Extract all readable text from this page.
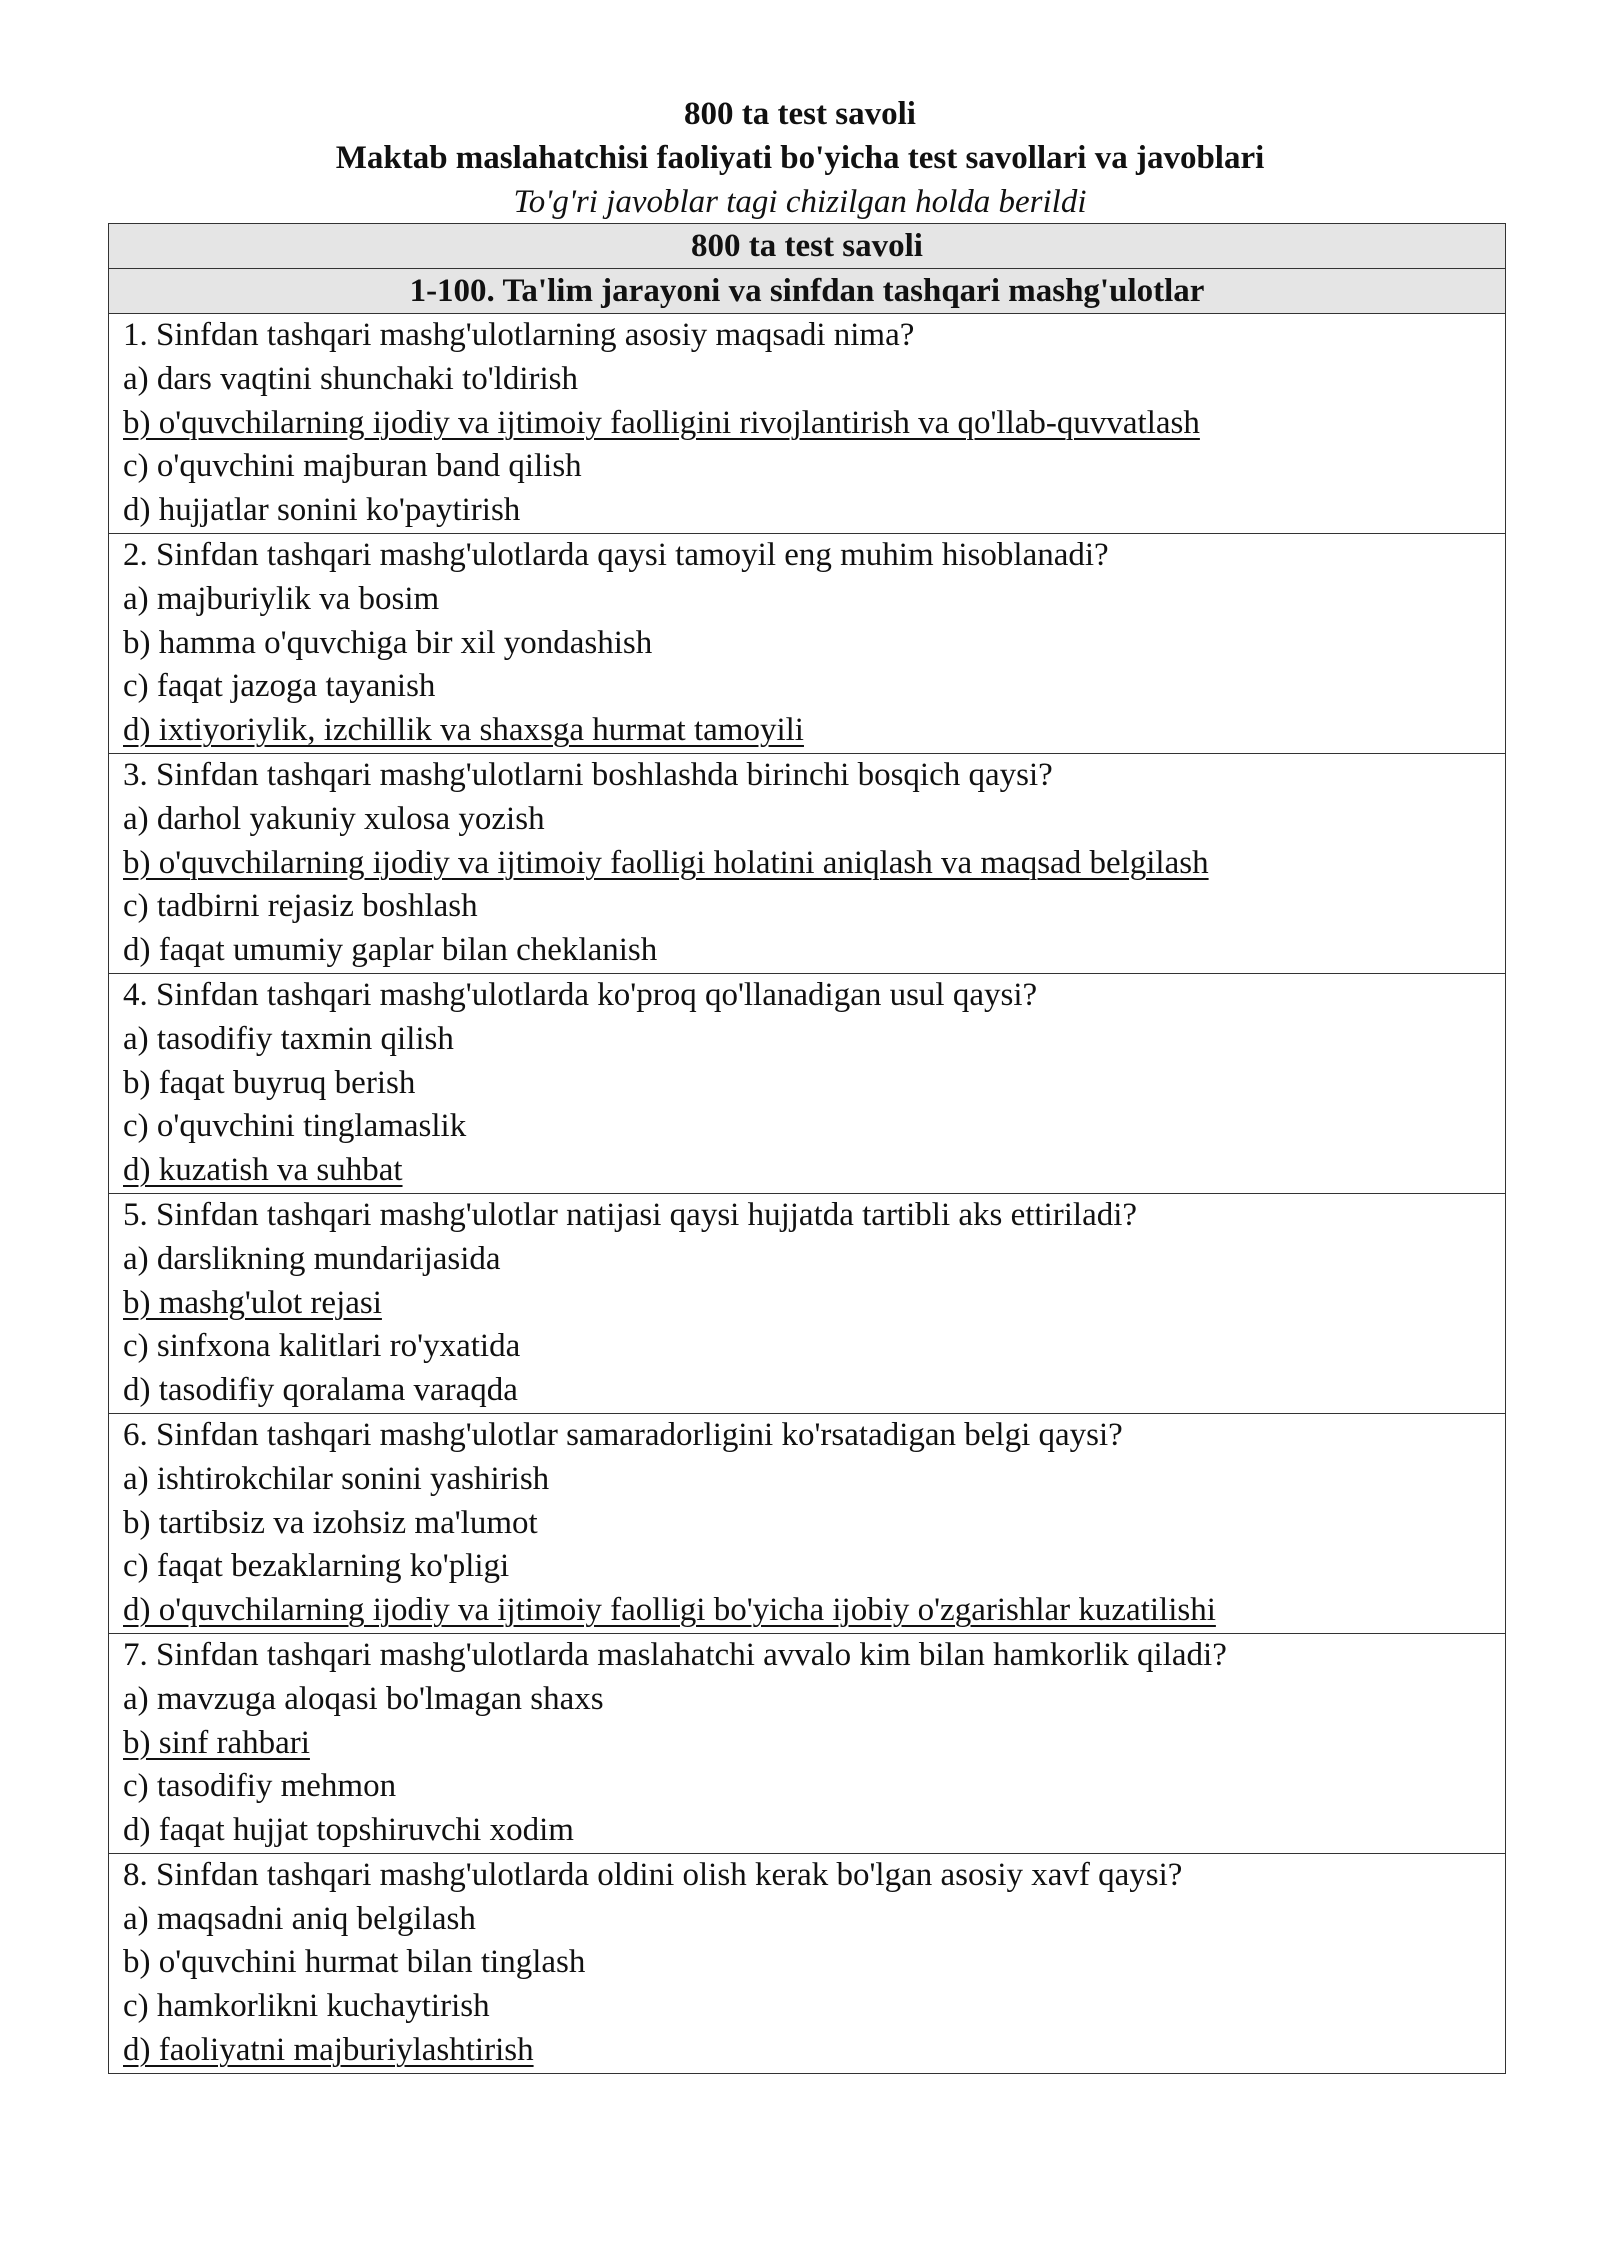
800 ta test savoli
Maktab maslahatchisi faoliyati bo'yicha test savollari va javoblari
To'g'ri javoblar tagi chizilgan holda berildi
800 ta test savoli
1-100. Ta'lim jarayoni va sinfdan tashqari mashg'ulotlar

1. Sinfdan tashqari mashg'ulotlarning asosiy maqsadi nima?
a) dars vaqtini shunchaki to'ldirish
b) o'quvchilarning ijodiy va ijtimoiy faolligini rivojlantirish va qo'llab-quvvatlash
c) o'quvchini majburan band qilish
d) hujjatlar sonini ko'paytirish

2. Sinfdan tashqari mashg'ulotlarda qaysi tamoyil eng muhim hisoblanadi?
a) majburiylik va bosim
b) hamma o'quvchiga bir xil yondashish
c) faqat jazoga tayanish
d) ixtiyoriylik, izchillik va shaxsga hurmat tamoyili

3. Sinfdan tashqari mashg'ulotlarni boshlashda birinchi bosqich qaysi?
a) darhol yakuniy xulosa yozish
b) o'quvchilarning ijodiy va ijtimoiy faolligi holatini aniqlash va maqsad belgilash
c) tadbirni rejasiz boshlash
d) faqat umumiy gaplar bilan cheklanish

4. Sinfdan tashqari mashg'ulotlarda ko'proq qo'llanadigan usul qaysi?
a) tasodifiy taxmin qilish
b) faqat buyruq berish
c) o'quvchini tinglamaslik
d) kuzatish va suhbat

5. Sinfdan tashqari mashg'ulotlar natijasi qaysi hujjatda tartibli aks ettiriladi?
a) darslikning mundarijasida
b) mashg'ulot rejasi
c) sinfxona kalitlari ro'yxatida
d) tasodifiy qoralama varaqda

6. Sinfdan tashqari mashg'ulotlar samaradorligini ko'rsatadigan belgi qaysi?
a) ishtirokchilar sonini yashirish
b) tartibsiz va izohsiz ma'lumot
c) faqat bezaklarning ko'pligi
d) o'quvchilarning ijodiy va ijtimoiy faolligi bo'yicha ijobiy o'zgarishlar kuzatilishi

7. Sinfdan tashqari mashg'ulotlarda maslahatchi avvalo kim bilan hamkorlik qiladi?
a) mavzuga aloqasi bo'lmagan shaxs
b) sinf rahbari
c) tasodifiy mehmon
d) faqat hujjat topshiruvchi xodim

8. Sinfdan tashqari mashg'ulotlarda oldini olish kerak bo'lgan asosiy xavf qaysi?
a) maqsadni aniq belgilash
b) o'quvchini hurmat bilan tinglash
c) hamkorlikni kuchaytirish
d) faoliyatni majburiylashtirish
